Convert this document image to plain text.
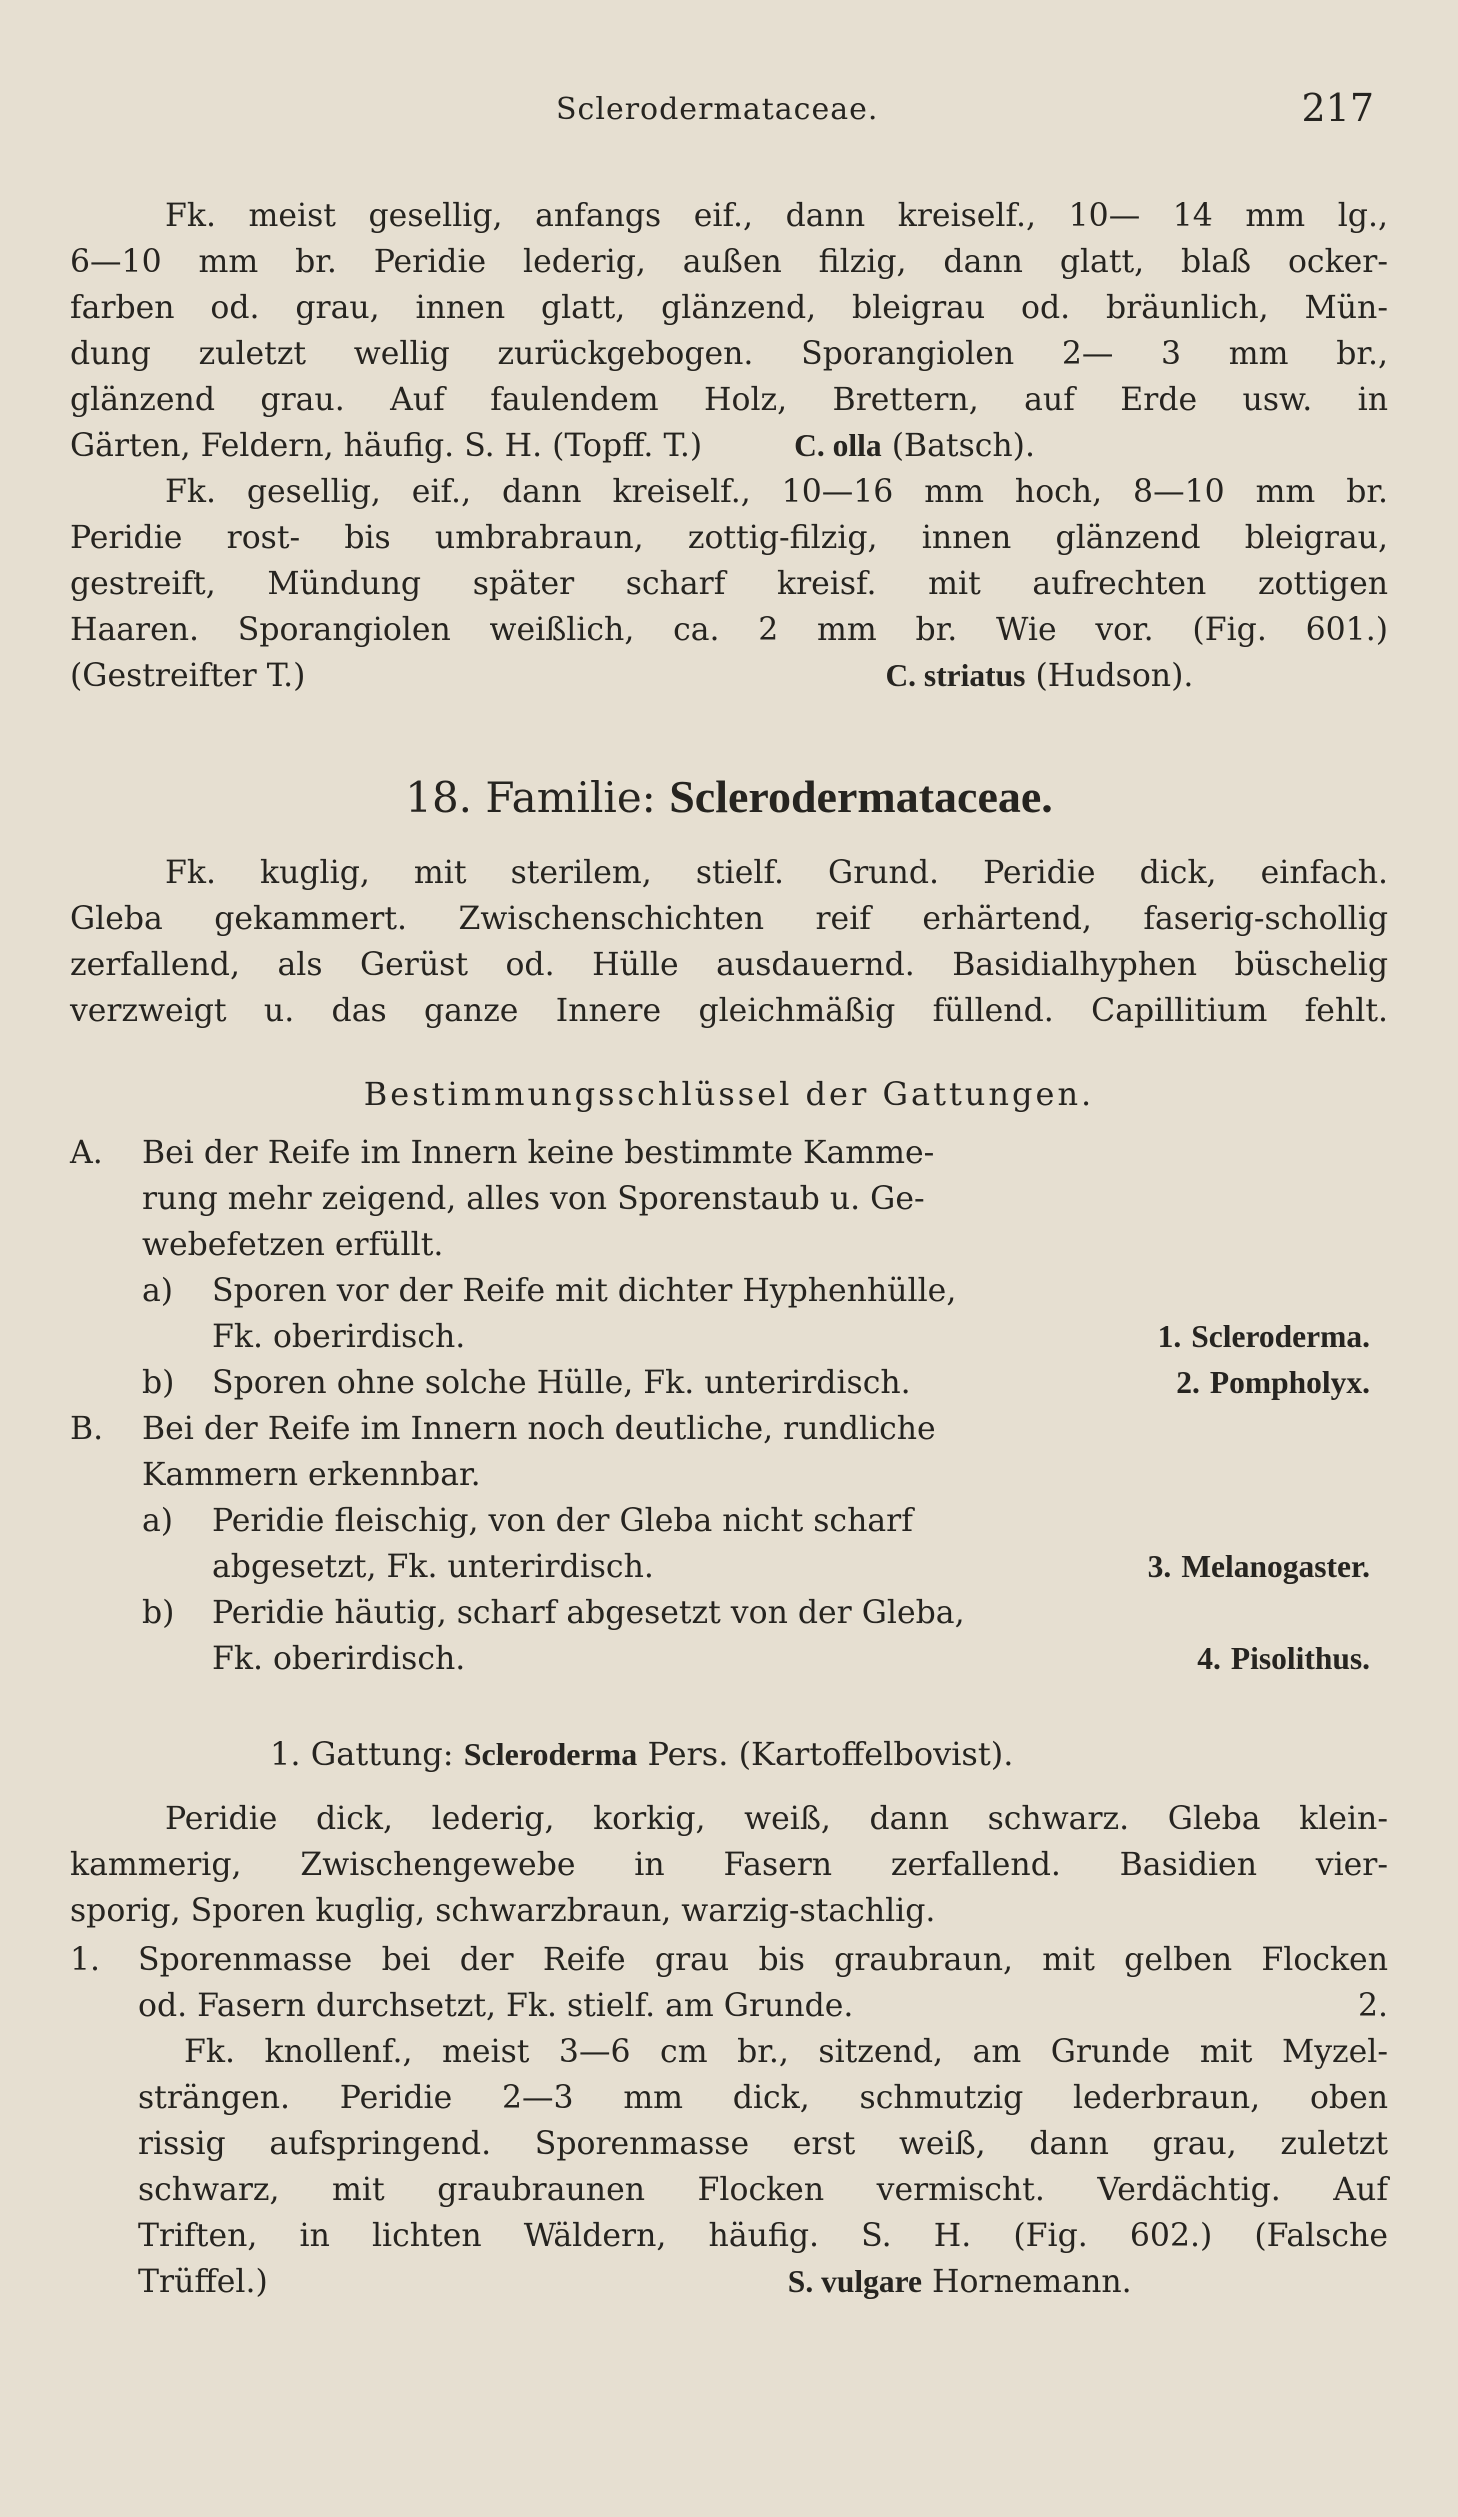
Sclerodermataceae.	217
Fk. meist gesellig, anfangs eif., dann kreiself., 10— 14 mm lg.,
6—10 mm br. Peridie lederig, außen filzig, dann glatt, blaß ocker-
farben od. grau, innen glatt, glänzend, bleigrau od. bräunlich, Mün-
dung zuletzt wellig zurückgebogen. Sporangiolen 2— 3 mm br.,
glänzend grau. Auf faulendem Holz, Brettern, auf Erde usw. in
Gärten, Feldern, häufig. S. H. (Topff. T.)	C. olla (Batsch).
Fk. gesellig, eif., dann kreiself., 10—16 mm hoch, 8—10 mm br.
Peridie rost- bis umbrabraun, zottig-filzig, innen glänzend bleigrau,
gestreift, Mündung später scharf kreisf. mit aufrechten zottigen
Haaren. Sporangiolen weißlich, ca. 2 mm br. Wie vor. (Fig. 601.)
(Gestreifter T.)	C. striatus (Hudson).
18. Familie: Sclerodermataceae.
Fk. kuglig, mit sterilem, stielf. Grund. Peridie dick, einfach.
Gleba gekammert. Zwischenschichten reif erhärtend, faserig-schollig
zerfallend, als Gerüst od. Hülle ausdauernd. Basidialhyphen büschelig
verzweigt u. das ganze Innere gleichmäßig füllend. Capillitium fehlt.
Bestimmungsschlüssel der Gattungen.
A.	Bei der Reife im Innern keine bestimmte Kamme-
rung mehr zeigend, alles von Sporenstaub u. Ge-
webefetzen erfüllt.
a)	Sporen vor der Reife mit dichter Hyphenhülle,
Fk. oberirdisch.	1. Scleroderma.
b)	Sporen ohne solche Hülle, Fk. unterirdisch.	2. Pompholyx.
B.	Bei der Reife im Innern noch deutliche, rundliche
Kammern erkennbar.
a)	Peridie fleischig, von der Gleba nicht scharf
abgesetzt, Fk. unterirdisch.	3. Melanogaster.
b)	Peridie häutig, scharf abgesetzt von der Gleba,
Fk. oberirdisch.	4. Pisolithus.
1. Gattung: Scleroderma Pers. (Kartoffelbovist).
Peridie dick, lederig, korkig, weiß, dann schwarz. Gleba klein-
kammerig, Zwischengewebe in Fasern zerfallend. Basidien vier-
sporig, Sporen kuglig, schwarzbraun, warzig-stachlig.
1.	Sporenmasse bei der Reife grau bis graubraun, mit gelben Flocken
od. Fasern durchsetzt, Fk. stielf. am Grunde.	2.
Fk. knollenf., meist 3—6 cm br., sitzend, am Grunde mit Myzel-
strängen. Peridie 2—3 mm dick, schmutzig lederbraun, oben
rissig aufspringend. Sporenmasse erst weiß, dann grau, zuletzt
schwarz, mit graubraunen Flocken vermischt. Verdächtig. Auf
Triften, in lichten Wäldern, häufig. S. H. (Fig. 602.) (Falsche
Trüffel.)	S. vulgare Hornemann.
